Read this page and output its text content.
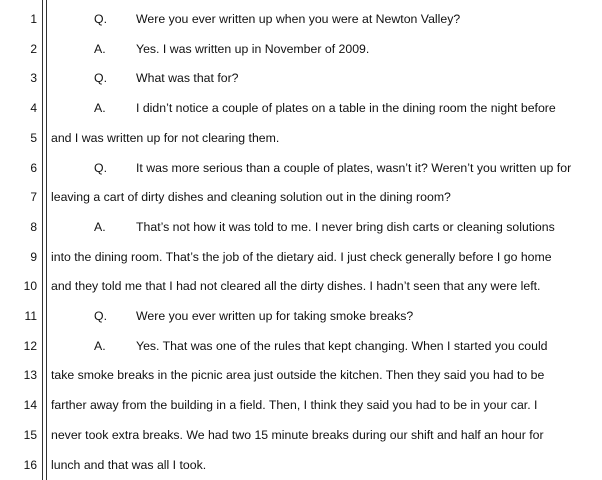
1	Q. Were you ever written up when you were at Newton Valley?
2	A. Yes. I was written up in November of 2009.
3	Q. What was that for?
4	A. I didn’t notice a couple of plates on a table in the dining room the night before
5 and I was written up for not clearing them.
6	Q. It was more serious than a couple of plates, wasn’t it? Weren’t you written up for
7 leaving a cart of dirty dishes and cleaning solution out in the dining room?
8	A. That’s not how it was told to me. I never bring dish carts or cleaning solutions
9 into the dining room. That’s the job of the dietary aid. I just check generally before I go home
10 and they told me that I had not cleared all the dirty dishes. I hadn’t seen that any were left.
11	Q. Were you ever written up for taking smoke breaks?
12	A. Yes. That was one of the rules that kept changing. When I started you could
13 take smoke breaks in the picnic area just outside the kitchen. Then they said you had to be
14 farther away from the building in a field. Then, I think they said you had to be in your car. I
15 never took extra breaks. We had two 15 minute breaks during our shift and half an hour for
16 lunch and that was all I took.
